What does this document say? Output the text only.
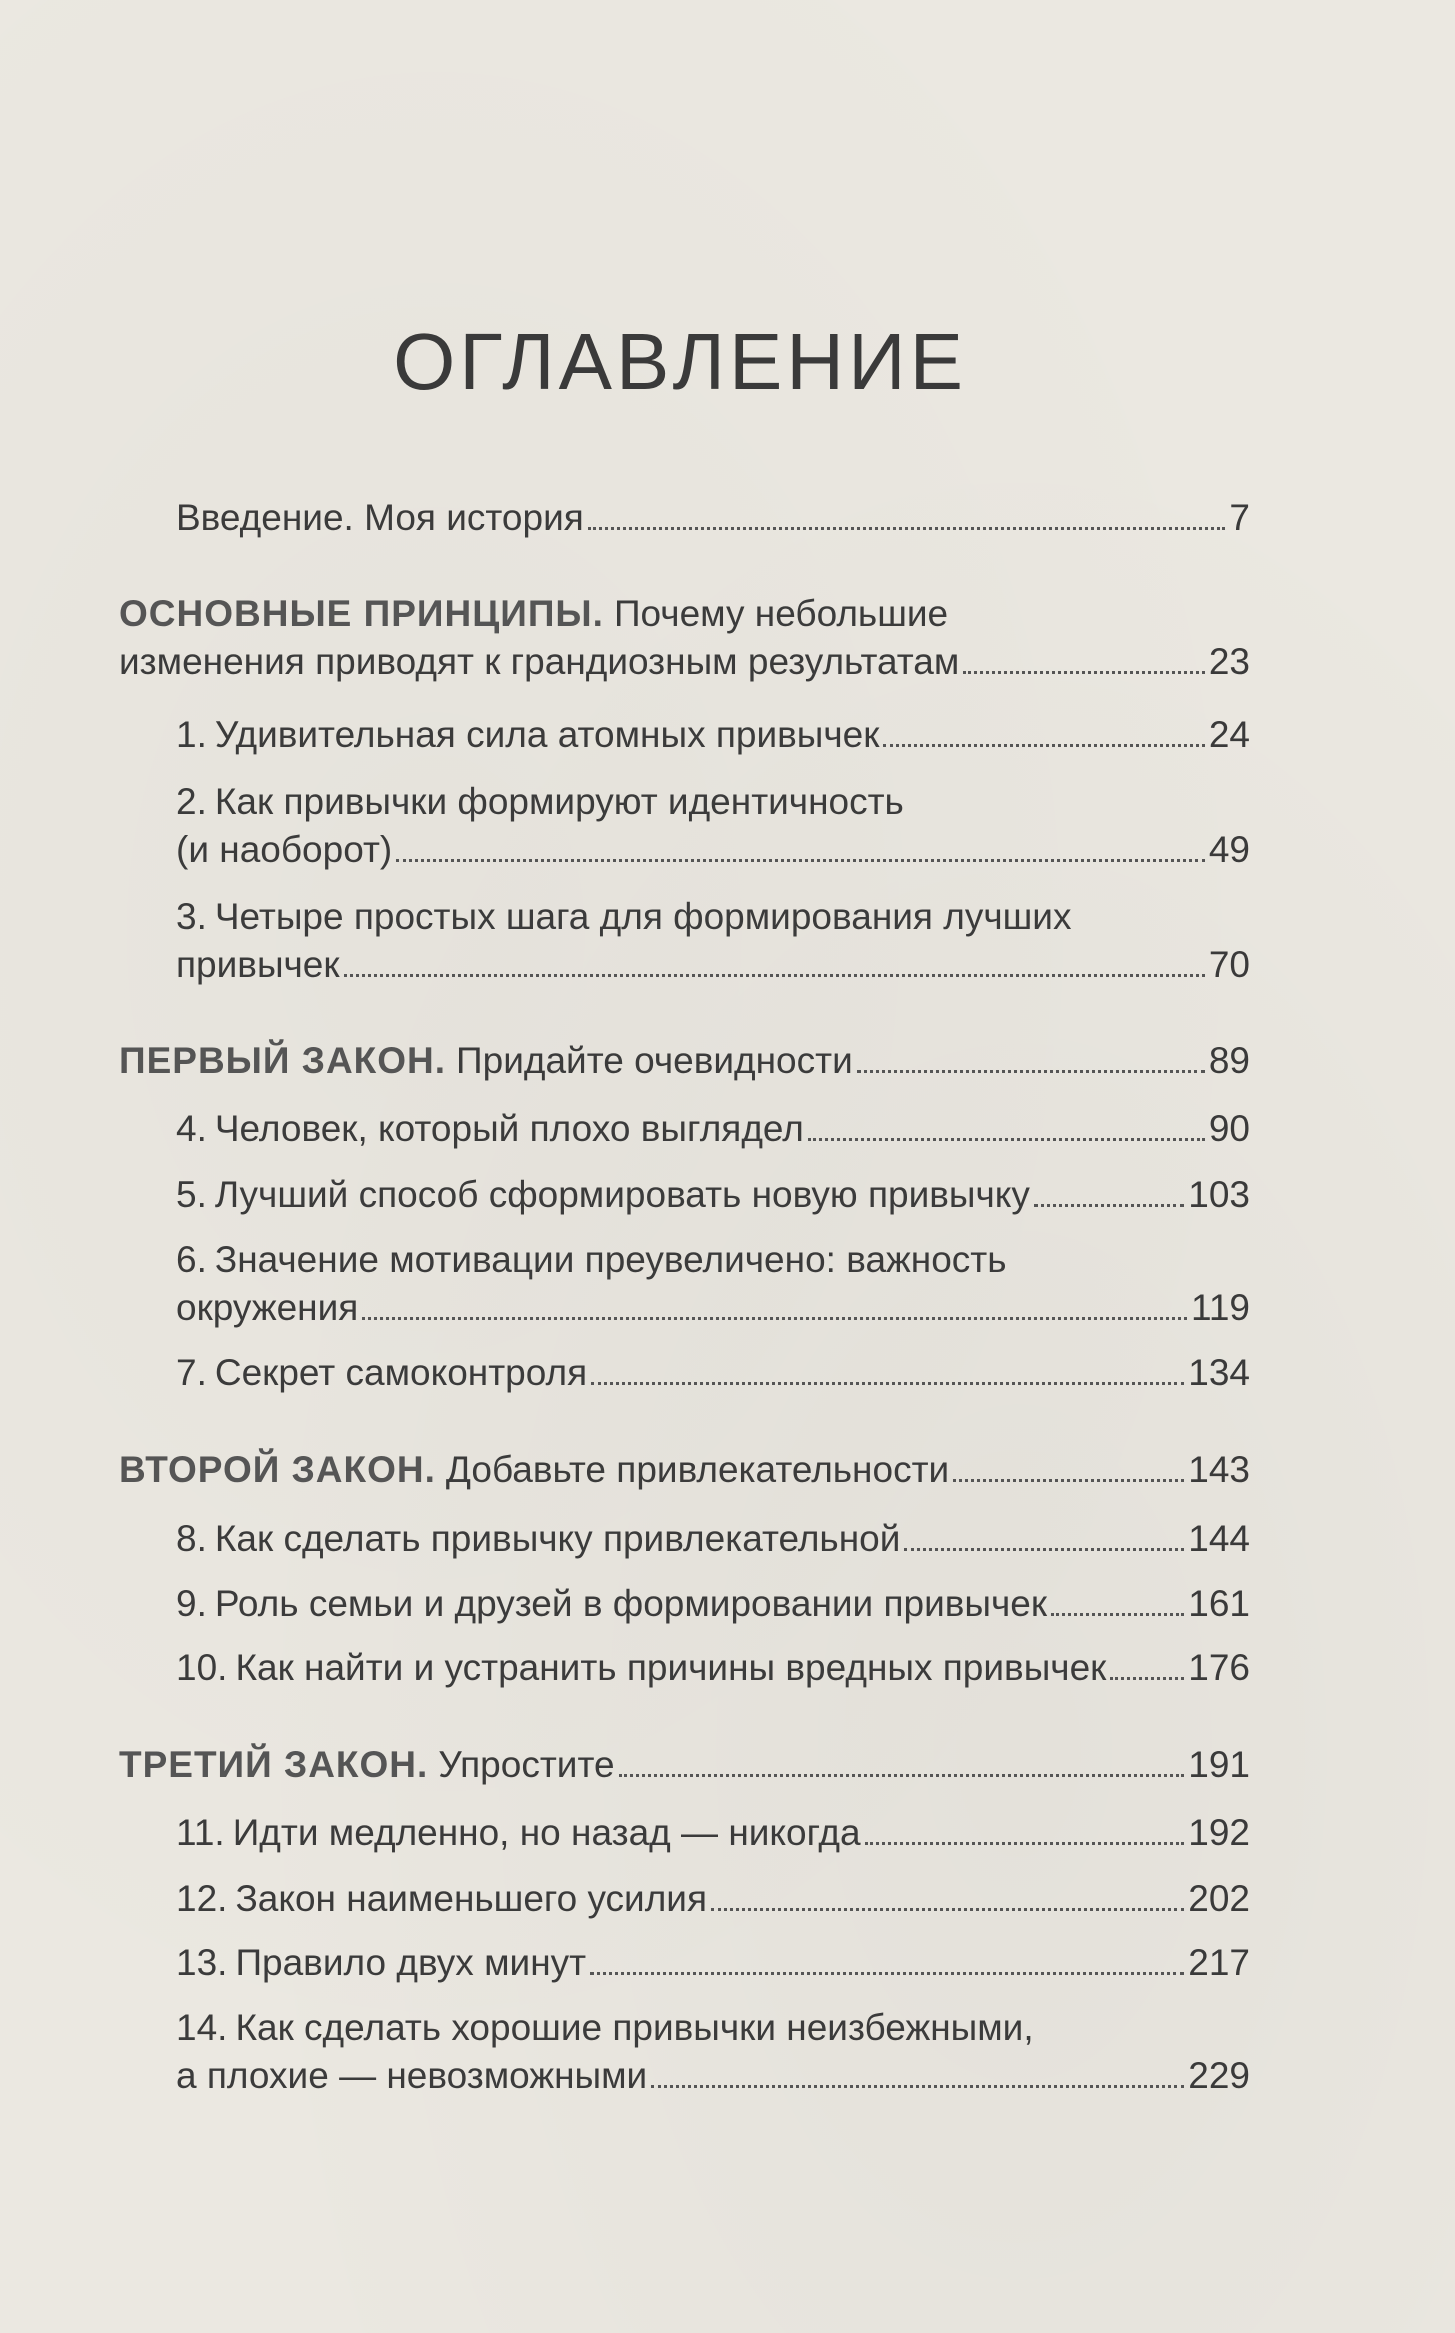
ОГЛАВЛЕНИЕ
Введение. Моя история	7
ОСНОВНЫЕ ПРИНЦИПЫ. Почему небольшие
изменения приводят к грандиозным результатам	23
1. Удивительная сила атомных привычек	24
2. Как привычки формируют идентичность
(и наоборот)	49
3. Четыре простых шага для формирования лучших
привычек	70
ПЕРВЫЙ ЗАКОН. Придайте очевидности	89
4. Человек, который плохо выглядел	90
5. Лучший способ сформировать новую привычку	103
6. Значение мотивации преувеличено: важность
окружения	119
7. Секрет самоконтроля	134
ВТОРОЙ ЗАКОН. Добавьте привлекательности	143
8. Как сделать привычку привлекательной	144
9. Роль семьи и друзей в формировании привычек	161
10. Как найти и устранить причины вредных привычек 176
ТРЕТИЙ ЗАКОН. Упростите	191
11. Идти медленно, но назад — никогда	192
12. Закон наименьшего усилия	202
13. Правило двух минут	217
14. Как сделать хорошие привычки неизбежными,
а плохие — невозможными	229
